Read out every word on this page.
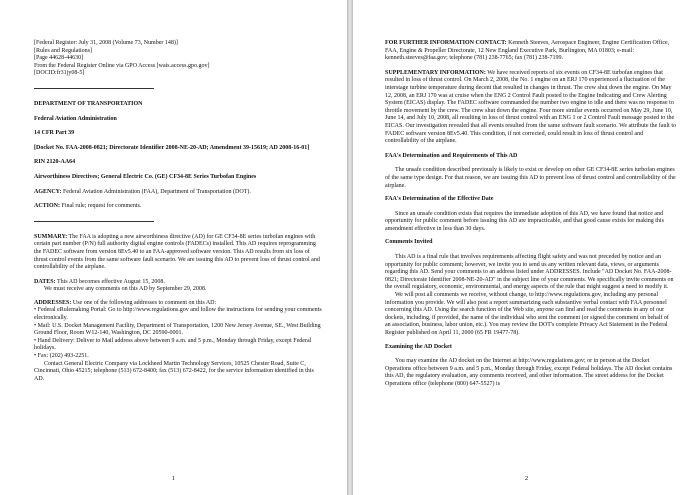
[Federal Register: July 31, 2008 (Volume 73, Number 148)]
[Rules and Regulations]
[Page 44628-44630]
From the Federal Register Online via GPO Access [wais.access.gpo.gov]
[DOCID:fr31jy08-5]

DEPARTMENT OF TRANSPORTATION

Federal Aviation Administration

14 CFR Part 39

[Docket No. FAA-2008-0821; Directorate Identifier 2008-NE-20-AD; Amendment 39-15619; AD 2008-16-01]

RIN 2120-AA64

Airworthiness Directives; General Electric Co. (GE) CF34-8E Series Turbofan Engines

AGENCY: Federal Aviation Administration (FAA), Department of Transportation (DOT).

ACTION: Final rule; request for comments.

SUMMARY: The FAA is adopting a new airworthiness directive (AD) for GE CF34-8E series turbofan engines with certain part number (P/N) full authority digital engine controls (FADECs) installed. This AD requires reprogramming the FADEC software from version 8Ev5.40 to an FAA-approved software version. This AD results from six loss of thrust control events from the same software fault scenario. We are issuing this AD to prevent loss of thrust control and controllability of the airplane.

DATES: This AD becomes effective August 15, 2008.

We must receive any comments on this AD by September 29, 2008.

ADDRESSES: Use one of the following addresses to comment on this AD:

• Federal eRulemaking Portal: Go to http://www.regulations.gov and follow the instructions for sending your comments electronically.

• Mail: U.S. Docket Management Facility, Department of Transportation, 1200 New Jersey Avenue, SE., West Building Ground Floor, Room W12-140, Washington, DC 20590-0001.

• Hand Delivery: Deliver to Mail address above between 9 a.m. and 5 p.m., Monday through Friday, except Federal holidays.

• Fax: (202) 493-2251.

Contact General Electric Company via Lockheed Martin Technology Services, 10525 Chester Road, Suite C, Cincinnati, Ohio 45215; telephone (513) 672-8400; fax (513) 672-8422, for the service information identified in this AD.

1

FOR FURTHER INFORMATION CONTACT: Kenneth Steeves, Aerospace Engineer, Engine Certification Office, FAA, Engine & Propeller Directorate, 12 New England Executive Park, Burlington, MA 01803; e-mail: kenneth.steeves@faa.gov; telephone (781) 238-7765; fax (781) 238-7199.

SUPPLEMENTARY INFORMATION: We have received reports of six events on CF34-8E turbofan engines that resulted in loss of thrust control. On March 2, 2008, the No. 1 engine on an ERJ 170 experienced a fluctuation of the interstage turbine temperature during decent that resulted in changes in thrust. The crew shut down the engine. On May 12, 2008, an ERJ 170 was at cruise when the ENG 2 Control Fault posted to the Engine Indicating and Crew Alerting System (EICAS) display. The FADEC software commanded the number two engine to idle and there was no response to throttle movement by the crew. The crew shut down the engine. Four more similar events occurred on May 29, June 10, June 14, and July 10, 2008, all resulting in loss of thrust control with an ENG 1 or 2 Control Fault message posted to the EICAS. Our investigation revealed that all events resulted from the same software fault scenario. We attribute the fault to FADEC software version 8Ev5.40. This condition, if not corrected, could result in loss of thrust control and controllability of the airplane.

FAA's Determination and Requirements of This AD

The unsafe condition described previously is likely to exist or develop on other GE CF34-8E series turbofan engines of the same type design. For that reason, we are issuing this AD to prevent loss of thrust control and controllability of the airplane.

FAA's Determination of the Effective Date

Since an unsafe condition exists that requires the immediate adoption of this AD, we have found that notice and opportunity for public comment before issuing this AD are impracticable, and that good cause exists for making this amendment effective in less than 30 days.

Comments Invited

This AD is a final rule that involves requirements affecting flight safety and was not preceded by notice and an opportunity for public comment; however, we invite you to send us any written relevant data, views, or arguments regarding this AD. Send your comments to an address listed under ADDRESSES. Include "AD Docket No. FAA-2008-0821; Directorate Identifier 2008-NE-20-AD" in the subject line of your comments. We specifically invite comments on the overall regulatory, economic, environmental, and energy aspects of the rule that might suggest a need to modify it.

We will post all comments we receive, without change, to http://www.regulations.gov, including any personal information you provide. We will also post a report summarizing each substantive verbal contact with FAA personnel concerning this AD. Using the search function of the Web site, anyone can find and read the comments in any of our dockets, including, if provided, the name of the individual who sent the comment (or signed the comment on behalf of an association, business, labor union, etc.). You may review the DOT's complete Privacy Act Statement in the Federal Register published on April 11, 2000 (65 FR 19477-78).

Examining the AD Docket

You may examine the AD docket on the Internet at http://www.regulations.gov; or in person at the Docket Operations office between 9 a.m. and 5 p.m., Monday through Friday, except Federal holidays. The AD docket contains this AD, the regulatory evaluation, any comments received, and other information. The street address for the Docket Operations office (telephone (800) 647-5527) is

2
